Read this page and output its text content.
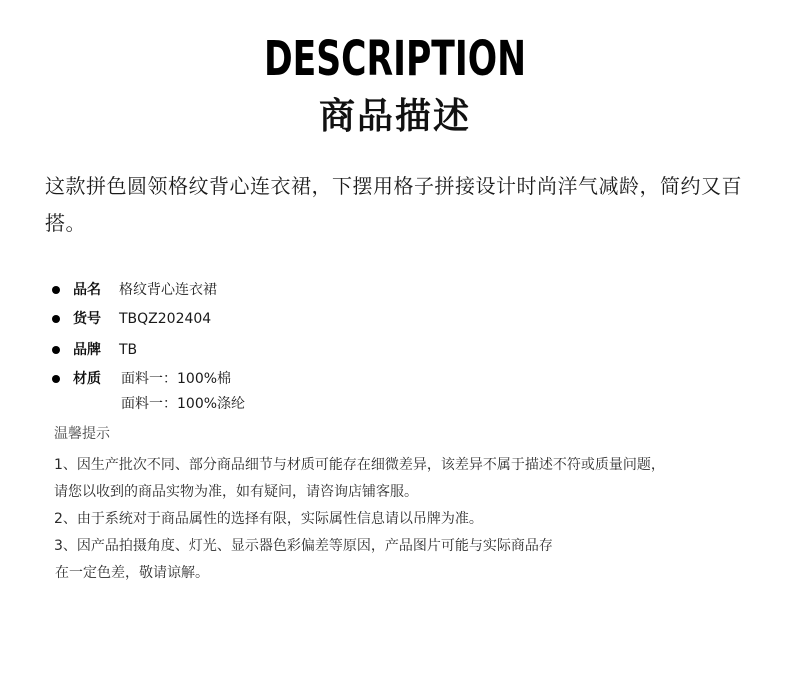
DESCRIPTION
商品描述
这款拼色圆领格纹背心连衣裙，下摆用格子拼接设计时尚洋气减龄，简约又百搭。
品名	格纹背心连衣裙
货号	TBQZ202404
品牌	TB
材质	面料一：100%棉
面料一：100%涤纶
温馨提示
1、因生产批次不同、部分商品细节与材质可能存在细微差异，该差异不属于描述不符或质量问题，
请您以收到的商品实物为准，如有疑问，请咨询店铺客服。
2、由于系统对于商品属性的选择有限，实际属性信息请以吊牌为准。
3、因产品拍摄角度、灯光、显示器色彩偏差等原因，产品图片可能与实际商品存
在一定色差，敬请谅解。
